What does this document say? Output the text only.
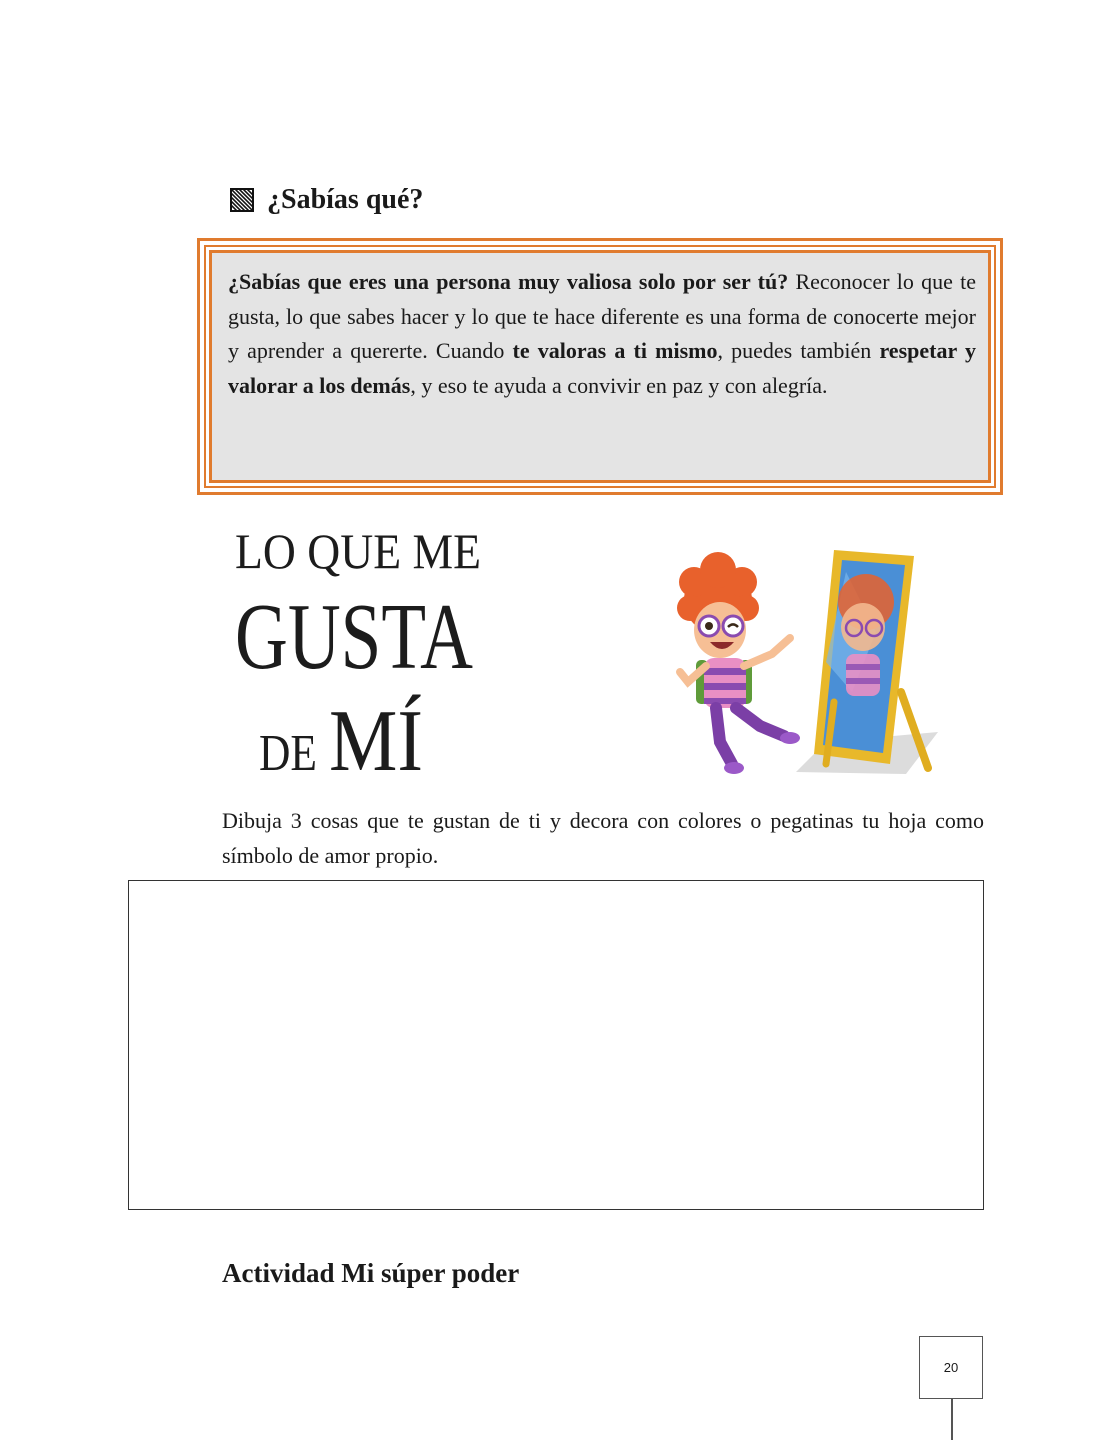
¿Sabías qué?
¿Sabías que eres una persona muy valiosa solo por ser tú? Reconocer lo que te gusta, lo que sabes hacer y lo que te hace diferente es una forma de conocerte mejor y aprender a quererte. Cuando te valoras a ti mismo, puedes también respetar y valorar a los demás, y eso te ayuda a convivir en paz y con alegría.
LO QUE ME
GUSTA
DE MÍ
Dibuja 3 cosas que te gustan de ti y decora con colores o pegatinas tu hoja como símbolo de amor propio.
Actividad Mi súper poder
20
